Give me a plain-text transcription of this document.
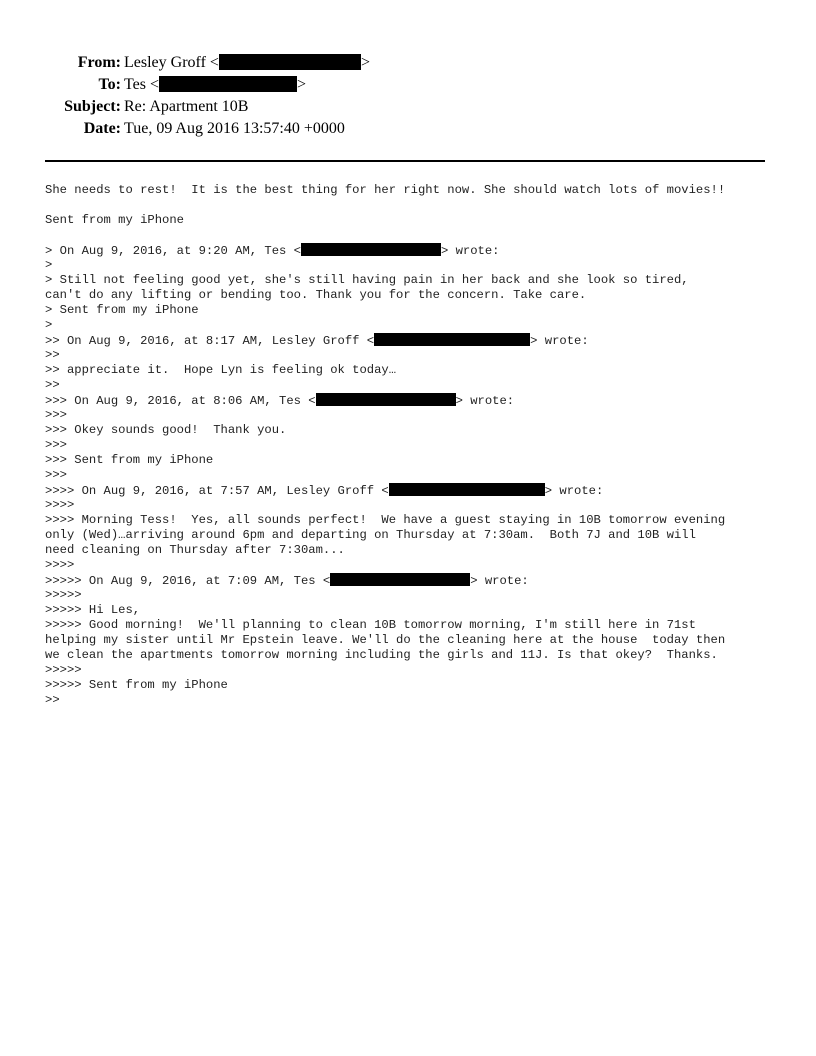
From: Lesley Groff <	>
To: Tes <	>
Subject: Re: Apartment 10B
Date: Tue, 09 Aug 2016 13:57:40 +0000
She needs to rest!  It is the best thing for her right now. She should watch lots of movies!!
Sent from my iPhone
> On Aug 9, 2016, at 9:20 AM, Tes <	> wrote:
>
> Still not feeling good yet, she's still having pain in her back and she look so tired,
can't do any lifting or bending too. Thank you for the concern. Take care.
> Sent from my iPhone
>
>> On Aug 9, 2016, at 8:17 AM, Lesley Groff <	> wrote:
>>
>> appreciate it.  Hope Lyn is feeling ok today…
>>
>>> On Aug 9, 2016, at 8:06 AM, Tes <	> wrote:
>>>
>>> Okey sounds good!  Thank you.
>>>
>>> Sent from my iPhone
>>>
>>>> On Aug 9, 2016, at 7:57 AM, Lesley Groff <	> wrote:
>>>>
>>>> Morning Tess!  Yes, all sounds perfect!  We have a guest staying in 10B tomorrow evening
only (Wed)…arriving around 6pm and departing on Thursday at 7:30am.  Both 7J and 10B will
need cleaning on Thursday after 7:30am...
>>>>
>>>>> On Aug 9, 2016, at 7:09 AM, Tes <	> wrote:
>>>>>
>>>>> Hi Les,
>>>>> Good morning!  We'll planning to clean 10B tomorrow morning, I'm still here in 71st
helping my sister until Mr Epstein leave. We'll do the cleaning here at the house  today then
we clean the apartments tomorrow morning including the girls and 11J. Is that okey?  Thanks.
>>>>>
>>>>> Sent from my iPhone
>>
